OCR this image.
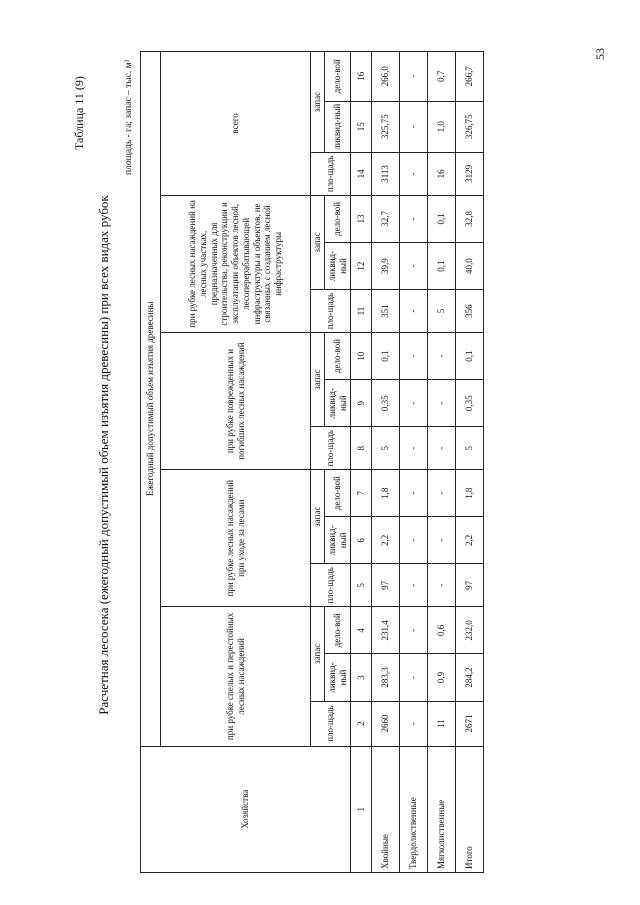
53
Таблица 11 (9)
Расчетная лесосека (ежегодный допустимый объем изъятия древесины) при всех видах рубок
площадь - га; запас – тыс. м³
Хозяйства	Ежегодный допустимый объем изъятия древесины														
	при рубке спелых и перестойных лесных насаждений			при рубке лесных насаждений при уходе за лесами			при рубке поврежденных и погибших лесных насаждений			при рубке лесных насаждений на лесных участках, предназначенных для строительства, реконструкции и эксплуатации объектов лесной, лесоперерабатывающей инфраструктуры и объектов, не связанных с созданием лесной инфраструктуры			всего		
	пло-щадь	запас		пло-щадь	запас		пло-щадь	запас		пло-щадь	запас		пло-щадь	запас	
		ликвид-ный	дело-вой		ликвид-ный	дело-вой		ликвид-ный	дело-вой		ликвид-ный	дело-вой		ликвид-ный	дело-вой
1	2	3	4	5	6	7	8	9	10	11	12	13	14	15	16
Хвойные	2660	283,3	231,4	97	2,2	1,8	5	0,35	0,1	351	39,9	32,7	3113	325,75	266,0
Твердолиственные	-	-	-	-	-	-	-	-	-	-	-	-	-	-	-
Мягколиственные	11	0,9	0,6	-	-	-	-	-	-	5	0,1	0,1	16	1,0	0,7
Итого	2671	284,2	232,0	97	2,2	1,8	5	0,35	0,1	356	40,0	32,8	3129	326,75	266,7
